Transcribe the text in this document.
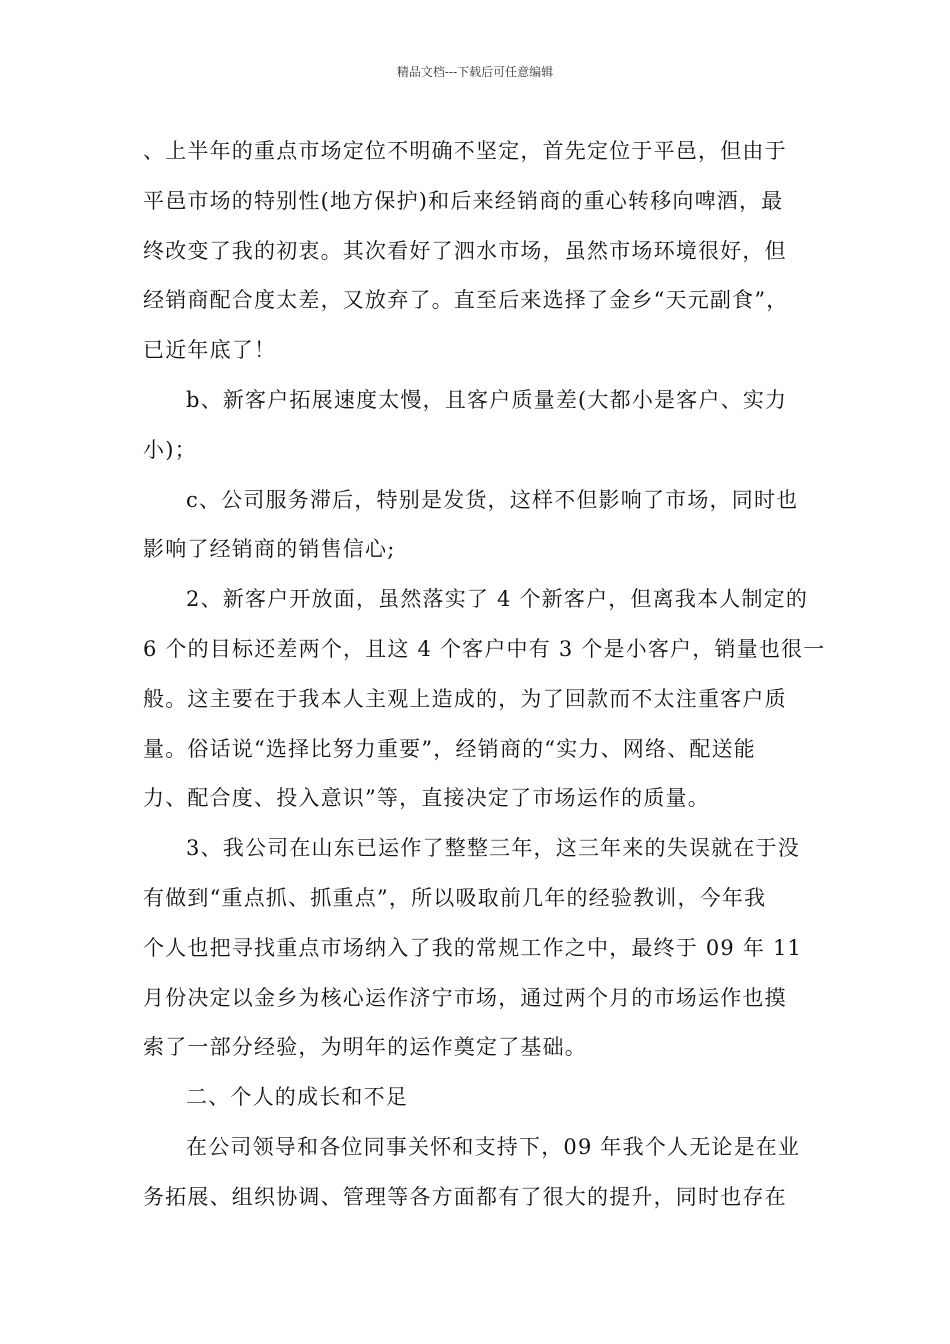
精品文档---下载后可任意编辑
、上半年的重点市场定位不明确不坚定，首先定位于平邑，但由于
平邑市场的特别性(地方保护)和后来经销商的重心转移向啤酒，最
终改变了我的初衷。其次看好了泗水市场，虽然市场环境很好，但
经销商配合度太差，又放弃了。直至后来选择了金乡“天元副食”，
已近年底了！
b、新客户拓展速度太慢，且客户质量差(大都小是客户、实力
小)；
c、公司服务滞后，特别是发货，这样不但影响了市场，同时也
影响了经销商的销售信心;
2、新客户开放面，虽然落实了 4 个新客户，但离我本人制定的
6 个的目标还差两个，且这 4 个客户中有 3 个是小客户，销量也很一
般。这主要在于我本人主观上造成的，为了回款而不太注重客户质
量。俗话说“选择比努力重要”，经销商的“实力、网络、配送能
力、配合度、投入意识”等，直接决定了市场运作的质量。
3、我公司在山东已运作了整整三年，这三年来的失误就在于没
有做到“重点抓、抓重点”，所以吸取前几年的经验教训，今年我
个人也把寻找重点市场纳入了我的常规工作之中，最终于 09 年 11
月份决定以金乡为核心运作济宁市场，通过两个月的市场运作也摸
索了一部分经验，为明年的运作奠定了基础。
二、个人的成长和不足
在公司领导和各位同事关怀和支持下，09 年我个人无论是在业
务拓展、组织协调、管理等各方面都有了很大的提升，同时也存在
